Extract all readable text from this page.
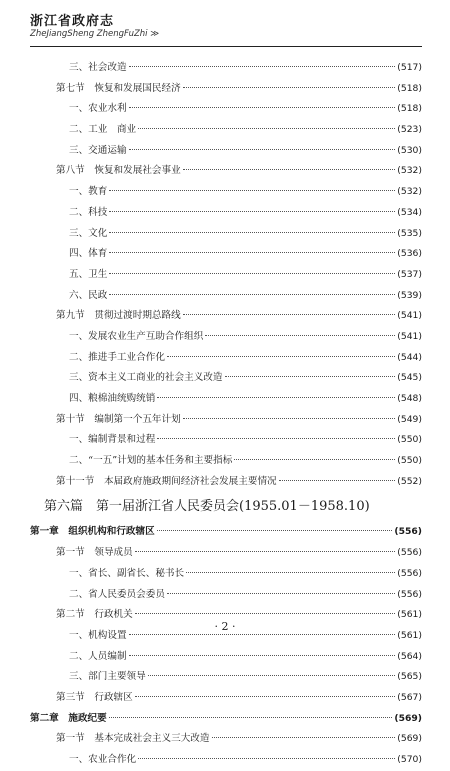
浙江省政府志
ZheJiangSheng ZhengFuZhi ≫
三、社会改造	(517)
第七节　恢复和发展国民经济	(518)
一、农业水利	(518)
二、工业　商业	(523)
三、交通运输	(530)
第八节　恢复和发展社会事业	(532)
一、教育	(532)
二、科技	(534)
三、文化	(535)
四、体育	(536)
五、卫生	(537)
六、民政	(539)
第九节　贯彻过渡时期总路线	(541)
一、发展农业生产互助合作组织	(541)
二、推进手工业合作化	(544)
三、资本主义工商业的社会主义改造	(545)
四、粮棉油统购统销	(548)
第十节　编制第一个五年计划	(549)
一、编制背景和过程	(550)
二、“一五”计划的基本任务和主要指标	(550)
第十一节　本届政府施政期间经济社会发展主要情况	(552)
第六篇　第一届浙江省人民委员会(1955.01－1958.10)
第一章　组织机构和行政辖区	(556)
第一节　领导成员	(556)
一、省长、副省长、秘书长	(556)
二、省人民委员会委员	(556)
第二节　行政机关	(561)
一、机构设置	(561)
二、人员编制	(564)
三、部门主要领导	(565)
第三节　行政辖区	(567)
第二章　施政纪要	(569)
第一节　基本完成社会主义三大改造	(569)
一、农业合作化	(570)
· 2 ·
